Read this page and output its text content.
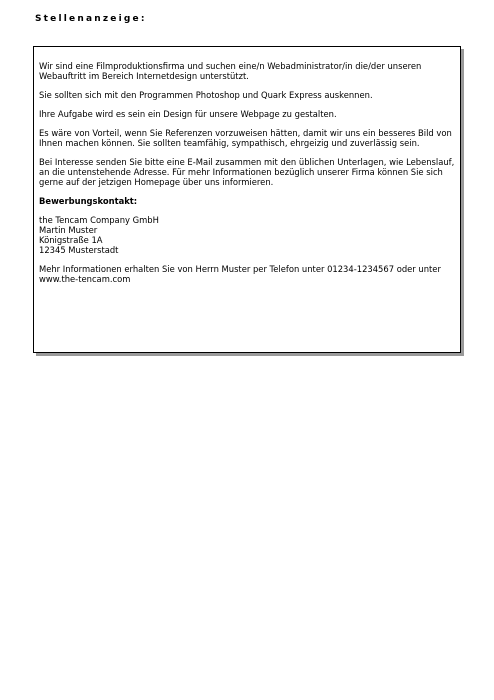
Stellenanzeige:

Wir sind eine Filmproduktionsfirma und suchen eine/n Webadministrator/in die/der unseren Webauftritt im Bereich Internetdesign unterstützt.

Sie sollten sich mit den Programmen Photoshop und Quark Express auskennen.

Ihre Aufgabe wird es sein ein Design für unsere Webpage zu gestalten.

Es wäre von Vorteil, wenn Sie Referenzen vorzuweisen hätten, damit wir uns ein besseres Bild von Ihnen machen können. Sie sollten teamfähig, sympathisch, ehrgeizig und zuverlässig sein.

Bei Interesse senden Sie bitte eine E-Mail zusammen mit den üblichen Unterlagen, wie Lebenslauf, an die untenstehende Adresse. Für mehr Informationen bezüglich unserer Firma können Sie sich gerne auf der jetzigen Homepage über uns informieren.

Bewerbungskontakt:

the Tencam Company GmbH
Martin Muster
Königstraße 1A
12345 Musterstadt

Mehr Informationen erhalten Sie von Herrn Muster per Telefon unter 01234-1234567 oder unter www.the-tencam.com
